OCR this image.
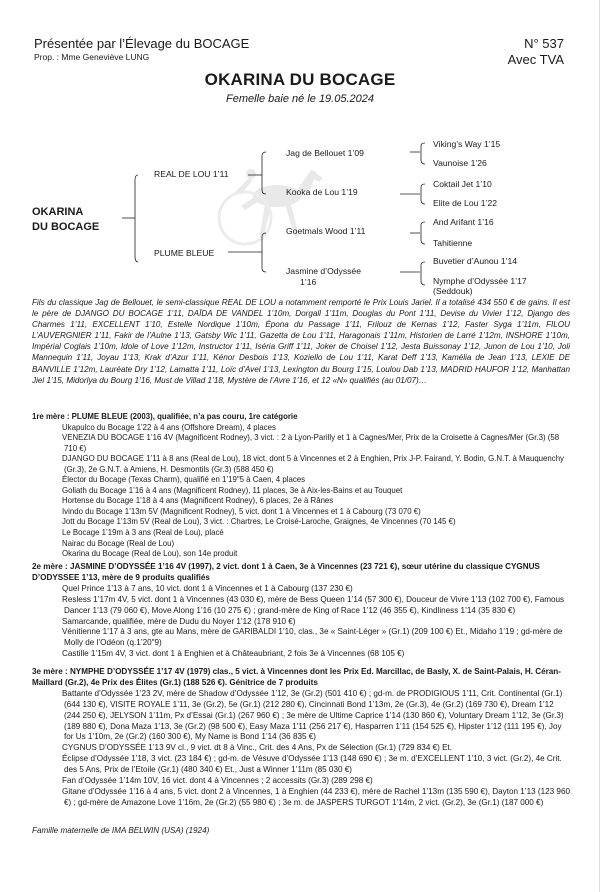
Présentée par l’Élevage du BOCAGE
Prop. : Mme Geneviève LUNG
N° 537
Avec TVA
OKARINA DU BOCAGE
Femelle baie né le 19.05.2024
OKARINA
DU BOCAGE
REAL DE LOU 1’11
PLUME BLEUE
Jag de Bellouet 1’09
Kooka de Lou 1’19
Goetmals Wood 1’11
Jasmine d’Odyssée
1’16
Viking’s Way 1’15
Vaunoise 1’26
Coktail Jet 1’10
Elite de Lou 1’22
And Arifant 1’16
Tahitienne
Buvetier d’Aunou 1’14
Nymphe d’Odyssée 1’17
(Seddouk)
Fils du classique Jag de Bellouet, le semi-classique REAL DE LOU a notamment remporté le Prix Louis Jariel. Il a totalisé 434 550 € de gains. Il est le père de DJANGO DU BOCAGE 1’11, DAÏDA DE VANDEL 1’10m, Dorgall 1’11m, Douglas du Pont 1’11, Devise du Vivier 1’12, Django des Charmes 1’11, EXCELLENT 1’10, Estelle Nordique 1’10m, Épona du Passage 1’11, Frilouz de Kernas 1’12, Faster Syga 1’11m, FILOU L’AUVERGNIER 1’11, Fakir de l’Aulne 1’13, Gatsby Wic 1’11, Gazetta de Lou 1’11, Haragonais 1’11m, Historien de Larré 1’12m, INSHORE 1’10m, Impérial Coglais 1’10m, Idole of Love 1’12m, Instructor 1’11, Iséria Griff 1’11, Joker de Choisel 1’12, Jesta Buissonay 1’12, Junon de Lou 1’10, Joli Mannequin 1’11, Joyau 1’13, Krak d’Azur 1’11, Kénor Desbois 1’13, Koziello de Lou 1’11, Karat Deff 1’13, Kamélia de Jean 1’13, LEXIE DE BANVILLE 1’12m, Lauréate Dry 1’12, Lamatta 1’11, Loïc d’Avel 1’13, Lexington du Bourg 1’15, Loulou Dab 1’13, MADRID HAUFOR 1’12, Manhattan Jiel 1’15, Midorlya du Bourg 1’16, Must de Villad 1’18, Mystère de l’Avre 1’16, et 12 «N» qualifiés (au 01/07)…
1re mère : PLUME BLEUE (2003), qualifiée, n’a pas couru, 1re catégorie
Ukapulco du Bocage 1’22 à 4 ans (Offshore Dream), 4 places
VENEZIA DU BOCAGE 1’16 4V (Magnificent Rodney), 3 vict. : 2 à Lyon-Parilly et 1 à Cagnes/Mer, Prix de la Croisette à Cagnes/Mer (Gr.3) (58 710 €)
DJANGO DU BOCAGE 1’11 à 8 ans (Real de Lou), 18 vict. dont 5 à Vincennes et 2 à Enghien, Prix J-P. Fairand, Y. Bodin, G.N.T. à Mauquenchy (Gr.3), 2e G.N.T. à Amiens, H. Desmontils (Gr.3) (588 450 €)
Élector du Bocage (Texas Charm), qualifié en 1’19"5 à Caen, 4 places
Goliath du Bocage 1’16 à 4 ans (Magnificent Rodney), 11 places, 3e à Aix-les-Bains et au Touquet
Hortense du Bocage 1’18 à 4 ans (Magnificent Rodney), 6 places, 2e à Rânes
Ivindo du Bocage 1’13m 5V (Magnificent Rodney), 5 vict. dont 1 à Vincennes et 1 à Cabourg (73 070 €)
Jott du Bocage 1’13m 5V (Real de Lou), 3 vict. : Chartres, Le Croisé-Laroche, Graignes, 4e Vincennes (70 145 €)
Le Bocage 1’19m à 3 ans (Real de Lou), placé
Nairac du Bocage (Real de Lou)
Okarina du Bocage (Real de Lou), son 14e produit
2e mère : JASMINE D’ODYSSÉE 1’16 4V (1997), 2 vict. dont 1 à Caen, 3e à Vincennes (23 721 €), sœur utérine du classique CYGNUS D’ODYSSEE 1’13, mère de 9 produits qualifiés
Quel Prince 1’13 à 7 ans, 10 vict. dont 1 à Vincennes et 1 à Cabourg (137 230 €)
Resless 1’17m 4V, 5 vict. dont 1 à Vincennes (43 030 €), mère de Bess Queen 1’14 (57 300 €), Douceur de Vivre 1’13 (102 700 €), Famous Dancer 1’13 (79 060 €), Move Along 1’16 (10 275 €) ; grand-mère de King of Race 1’12 (46 355 €), Kindliness 1’14 (35 830 €)
Samarcande, qualifiée, mère de Dudu du Noyer 1’12 (178 910 €)
Vénitienne 1’17 à 3 ans, gte au Mans, mère de GARIBALDI 1’10, clas., 3e « Saint-Léger » (Gr.1) (209 100 €) Et., Midaho 1’19 ; gd-mère de Molly de l’Odéon (q.1’20"9)
Castille 1’15m 4V, 3 vict. dont 1 à Enghien et à Châteaubriant, 2 fois 3e à Vincennes (68 105 €)
3e mère : NYMPHE D’ODYSSÉE 1’17 4V (1979) clas., 5 vict. à Vincennes dont les Prix Ed. Marcillac, de Basly, X. de Saint-Palais, H. Céran-Maillard (Gr.2), 4e Prix des Élites (Gr.1) (188 526 €). Génitrice de 7 produits
Battante d’Odyssée 1’23 2V, mère de Shadow d’Odyssée 1’12, 3e (Gr.2) (501 410 €) ; gd-m. de PRODIGIOUS 1’11, Crit. Continental (Gr.1) (644 130 €), VISITE ROYALE 1’11, 3e (Gr.2), 5e (Gr.1) (212 280 €), Cincinnati Bond 1’13m, 2e (Gr.3), 4e (Gr.2) (169 730 €), Dream 1’12 (244 250 €), JELYSON 1’11m, Px d’Essai (Gr.1) (267 960 €) ; 3e mère de Ultime Caprice 1’14 (130 860 €), Voluntary Dream 1’12, 3e (Gr.3) (189 880 €), Dona Maza 1’13, 3e (Gr.2) (98 500 €), Easy Maza 1’11 (256 217 €), Hasparren 1’11 (154 525 €), Hipster 1’12 (111 195 €), Joy for Us 1’10m, 2e (Gr.2) (160 300 €), My Name is Bond 1’14 (36 835 €)
CYGNUS D’ODYSSÉE 1’13 9V cl., 9 vict. dt 8 à Vinc., Crit. des 4 Ans, Px de Sélection (Gr.1) (729 834 €) Et.
Éclipse d’Odyssée 1’18, 3 vict. (23 184 €) ; gd-m. de Vésuve d’Odyssée 1’13 (148 690 €) ; 3e m. d’EXCELLENT 1’10, 3 vict. (Gr.2), 4e Crit. des 5 Ans, Prix de l’Etoile (Gr.1) (480 340 €) Et., Just a Winner 1’11m (85 030 €)
Fan d’Odyssée 1’14m 10V, 16 vict. dont 4 à Vincennes ; 2 accessits (Gr.3) (289 298 €)
Gitane d’Odyssée 1’16 à 4 ans, 5 vict. dont 2 à Vincennes, 1 à Enghien (44 233 €), mère de Rachel 1’13m (135 590 €), Dayton 1’13 (123 960 €) ; gd-mère de Amazone Love 1’16m, 2e (Gr.2) (55 980 €) ; 3e m. de JASPERS TURGOT 1’14m, 2 vict. (Gr.2), 3e (Gr.1) (187 000 €)
Famille maternelle de IMA BELWIN (USA) (1924)
